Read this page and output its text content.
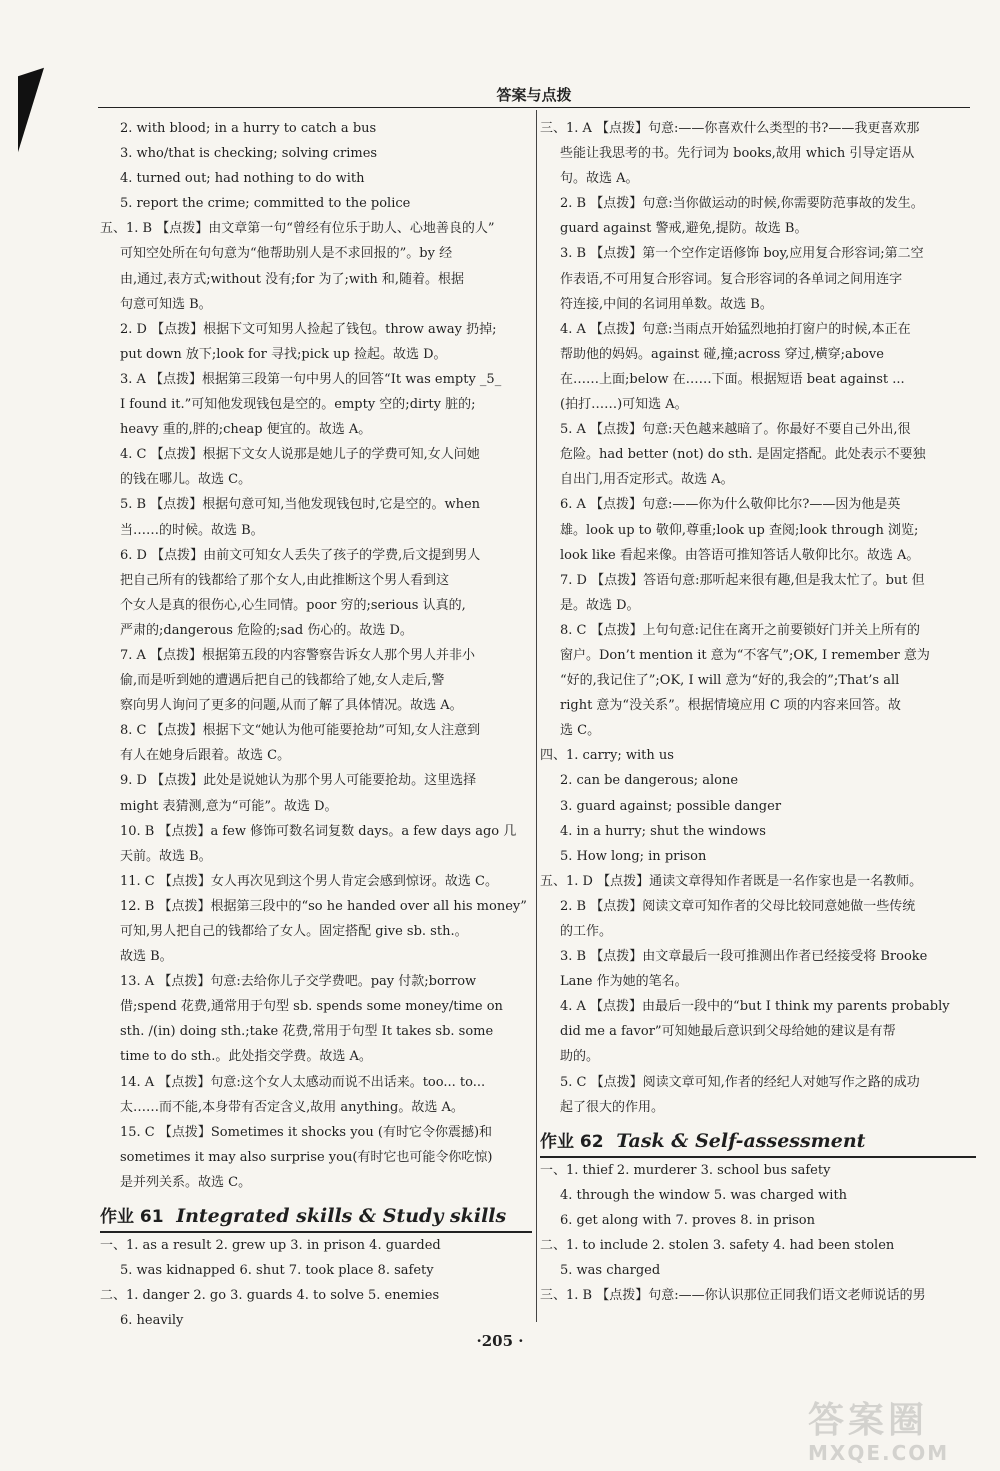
答案与点拨
2. with blood; in a hurry to catch a bus
3. who/that is checking; solving crimes
4. turned out; had nothing to do with
5. report the crime; committed to the police
五、1. B 【点拨】由文章第一句“曾经有位乐于助人、心地善良的人”
可知空处所在句句意为“他帮助别人是不求回报的”。by 经
由,通过,表方式;without 没有;for 为了;with 和,随着。根据
句意可知选 B。
2. D 【点拨】根据下文可知男人捡起了钱包。throw away 扔掉;
put down 放下;look for 寻找;pick up 捡起。故选 D。
3. A 【点拨】根据第三段第一句中男人的回答“It was empty _5_
I found it.”可知他发现钱包是空的。empty 空的;dirty 脏的;
heavy 重的,胖的;cheap 便宜的。故选 A。
4. C 【点拨】根据下文女人说那是她儿子的学费可知,女人问她
的钱在哪儿。故选 C。
5. B 【点拨】根据句意可知,当他发现钱包时,它是空的。when
当……的时候。故选 B。
6. D 【点拨】由前文可知女人丢失了孩子的学费,后文提到男人
把自己所有的钱都给了那个女人,由此推断这个男人看到这
个女人是真的很伤心,心生同情。poor 穷的;serious 认真的,
严肃的;dangerous 危险的;sad 伤心的。故选 D。
7. A 【点拨】根据第五段的内容警察告诉女人那个男人并非小
偷,而是听到她的遭遇后把自己的钱都给了她,女人走后,警
察向男人询问了更多的问题,从而了解了具体情况。故选 A。
8. C 【点拨】根据下文“她认为他可能要抢劫”可知,女人注意到
有人在她身后跟着。故选 C。
9. D 【点拨】此处是说她认为那个男人可能要抢劫。这里选择
might 表猜测,意为“可能”。故选 D。
10. B 【点拨】a few 修饰可数名词复数 days。a few days ago 几
天前。故选 B。
11. C 【点拨】女人再次见到这个男人肯定会感到惊讶。故选 C。
12. B 【点拨】根据第三段中的“so he handed over all his money”
可知,男人把自己的钱都给了女人。固定搭配 give sb. sth.。
故选 B。
13. A 【点拨】句意:去给你儿子交学费吧。pay 付款;borrow
借;spend 花费,通常用于句型 sb. spends some money/time on
sth. /(in) doing sth.;take 花费,常用于句型 It takes sb. some
time to do sth.。此处指交学费。故选 A。
14. A 【点拨】句意:这个女人太感动而说不出话来。too... to...
太……而不能,本身带有否定含义,故用 anything。故选 A。
15. C 【点拨】Sometimes it shocks you (有时它令你震撼)和
sometimes it may also surprise you(有时它也可能令你吃惊)
是并列关系。故选 C。
作业 61 Integrated skills & Study skills
一、1. as a result 2. grew up 3. in prison 4. guarded
5. was kidnapped 6. shut 7. took place 8. safety
二、1. danger 2. go 3. guards 4. to solve 5. enemies
6. heavily
三、1. A 【点拨】句意:——你喜欢什么类型的书?——我更喜欢那
些能让我思考的书。先行词为 books,故用 which 引导定语从
句。故选 A。
2. B 【点拨】句意:当你做运动的时候,你需要防范事故的发生。
guard against 警戒,避免,提防。故选 B。
3. B 【点拨】第一个空作定语修饰 boy,应用复合形容词;第二空
作表语,不可用复合形容词。复合形容词的各单词之间用连字
符连接,中间的名词用单数。故选 B。
4. A 【点拨】句意:当雨点开始猛烈地拍打窗户的时候,本正在
帮助他的妈妈。against 碰,撞;across 穿过,横穿;above
在……上面;below 在……下面。根据短语 beat against ...
(拍打……)可知选 A。
5. A 【点拨】句意:天色越来越暗了。你最好不要自己外出,很
危险。had better (not) do sth. 是固定搭配。此处表示不要独
自出门,用否定形式。故选 A。
6. A 【点拨】句意:——你为什么敬仰比尔?——因为他是英
雄。look up to 敬仰,尊重;look up 查阅;look through 浏览;
look like 看起来像。由答语可推知答话人敬仰比尔。故选 A。
7. D 【点拨】答语句意:那听起来很有趣,但是我太忙了。but 但
是。故选 D。
8. C 【点拨】上句句意:记住在离开之前要锁好门并关上所有的
窗户。Don’t mention it 意为“不客气”;OK, I remember 意为
“好的,我记住了”;OK, I will 意为“好的,我会的”;That’s all
right 意为“没关系”。根据情境应用 C 项的内容来回答。故
选 C。
四、1. carry; with us
2. can be dangerous; alone
3. guard against; possible danger
4. in a hurry; shut the windows
5. How long; in prison
五、1. D 【点拨】通读文章得知作者既是一名作家也是一名教师。
2. B 【点拨】阅读文章可知作者的父母比较同意她做一些传统
的工作。
3. B 【点拨】由文章最后一段可推测出作者已经接受将 Brooke
Lane 作为她的笔名。
4. A 【点拨】由最后一段中的“but I think my parents probably
did me a favor”可知她最后意识到父母给她的建议是有帮
助的。
5. C 【点拨】阅读文章可知,作者的经纪人对她写作之路的成功
起了很大的作用。
作业 62 Task & Self-assessment
一、1. thief 2. murderer 3. school bus safety
4. through the window 5. was charged with
6. get along with 7. proves 8. in prison
二、1. to include 2. stolen 3. safety 4. had been stolen
5. was charged
三、1. B 【点拨】句意:——你认识那位正同我们语文老师说话的男
·205 ·
答案圈
MXQE.COM
